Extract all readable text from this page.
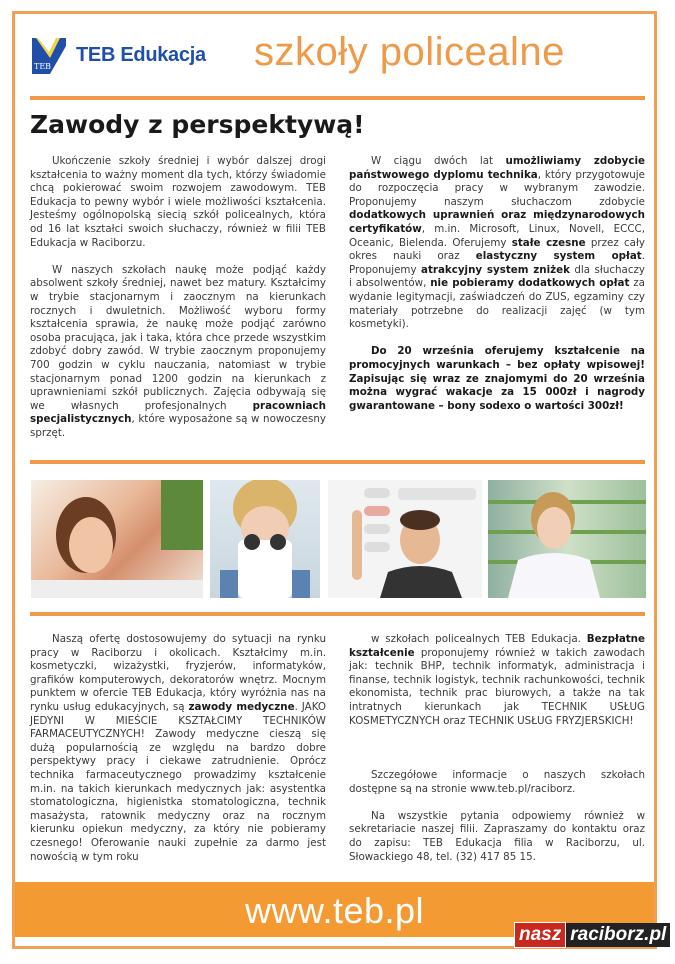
TEB
TEB Edukacja szkoły policealne
Zawody z perspektywą!

Ukończenie szkoły średniej i wybór dalszej drogi kształcenia to ważny moment dla tych, którzy świadomie chcą pokierować swoim rozwojem zawodowym. TEB Edukacja to pewny wybór i wiele możliwości kształcenia. Jesteśmy ogólnopolską siecią szkół policealnych, która od 16 lat kształci swoich słuchaczy, również w filii TEB Edukacja w Raciborzu.

W naszych szkołach naukę może podjąć każdy absolwent szkoły średniej, nawet bez matury. Kształcimy w trybie stacjonarnym i zaocznym na kierunkach rocznych i dwuletnich. Możliwość wyboru formy kształcenia sprawia, że naukę może podjąć zarówno osoba pracująca, jak i taka, która chce przede wszystkim zdobyć dobry zawód. W trybie zaocznym proponujemy 700 godzin w cyklu nauczania, natomiast w trybie stacjonarnym ponad 1200 godzin na kierunkach z uprawnieniami szkół publicznych. Zajęcia odbywają się we własnych profesjonalnych pracowniach specjalistycznych, które wyposażone są w nowoczesny sprzęt.

W ciągu dwóch lat umożliwiamy zdobycie państwowego dyplomu technika, który przygotowuje do rozpoczęcia pracy w wybranym zawodzie. Proponujemy naszym słuchaczom zdobycie dodatkowych uprawnień oraz międzynarodowych certyfikatów, m.in. Microsoft, Linux, Novell, ECCC, Oceanic, Bielenda. Oferujemy stałe czesne przez cały okres nauki oraz elastyczny system opłat. Proponujemy atrakcyjny system zniżek dla słuchaczy i absolwentów, nie pobieramy dodatkowych opłat za wydanie legitymacji, zaświadczeń do ZUS, egzaminy czy materiały potrzebne do realizacji zajęć (w tym kosmetyki).

Do 20 września oferujemy kształcenie na promocyjnych warunkach – bez opłaty wpisowej! Zapisując się wraz ze znajomymi do 20 września można wygrać wakacje za 15 000zł i nagrody gwarantowane – bony sodexo o wartości 300zł!

Naszą ofertę dostosowujemy do sytuacji na rynku pracy w Raciborzu i okolicach. Kształcimy m.in. kosmetyczki, wizażystki, fryzjerów, informatyków, grafików komputerowych, dekoratorów wnętrz. Mocnym punktem w ofercie TEB Edukacja, który wyróżnia nas na rynku usług edukacyjnych, są zawody medyczne. JAKO JEDYNI W MIEŚCIE KSZTAŁCIMY TECHNIKÓW FARMACEUTYCZNYCH! Zawody medyczne cieszą się dużą popularnością ze względu na bardzo dobre perspektywy pracy i ciekawe zatrudnienie. Oprócz technika farmaceutycznego prowadzimy kształcenie m.in. na takich kierunkach medycznych jak: asystentka stomatologiczna, higienistka stomatologiczna, technik masażysta, ratownik medyczny oraz na rocznym kierunku opiekun medyczny, za który nie pobieramy czesnego! Oferowanie nauki zupełnie za darmo jest nowością w tym roku

w szkołach policealnych TEB Edukacja. Bezpłatne kształcenie proponujemy również w takich zawodach jak: technik BHP, technik informatyk, administracja i finanse, technik logistyk, technik rachunkowości, technik ekonomista, technik prac biurowych, a także na tak intratnych kierunkach jak TECHNIK USŁUG KOSMETYCZNYCH oraz TECHNIK USŁUG FRYZJERSKICH!

Szczegółowe informacje o naszych szkołach dostępne są na stronie www.teb.pl/raciborz.

Na wszystkie pytania odpowiemy również w sekretariacie naszej filii. Zapraszamy do kontaktu oraz do zapisu: TEB Edukacja filia w Raciborzu, ul. Słowackiego 48, tel. (32) 417 85 15.

www.teb.pl
nasz raciborz.pl
